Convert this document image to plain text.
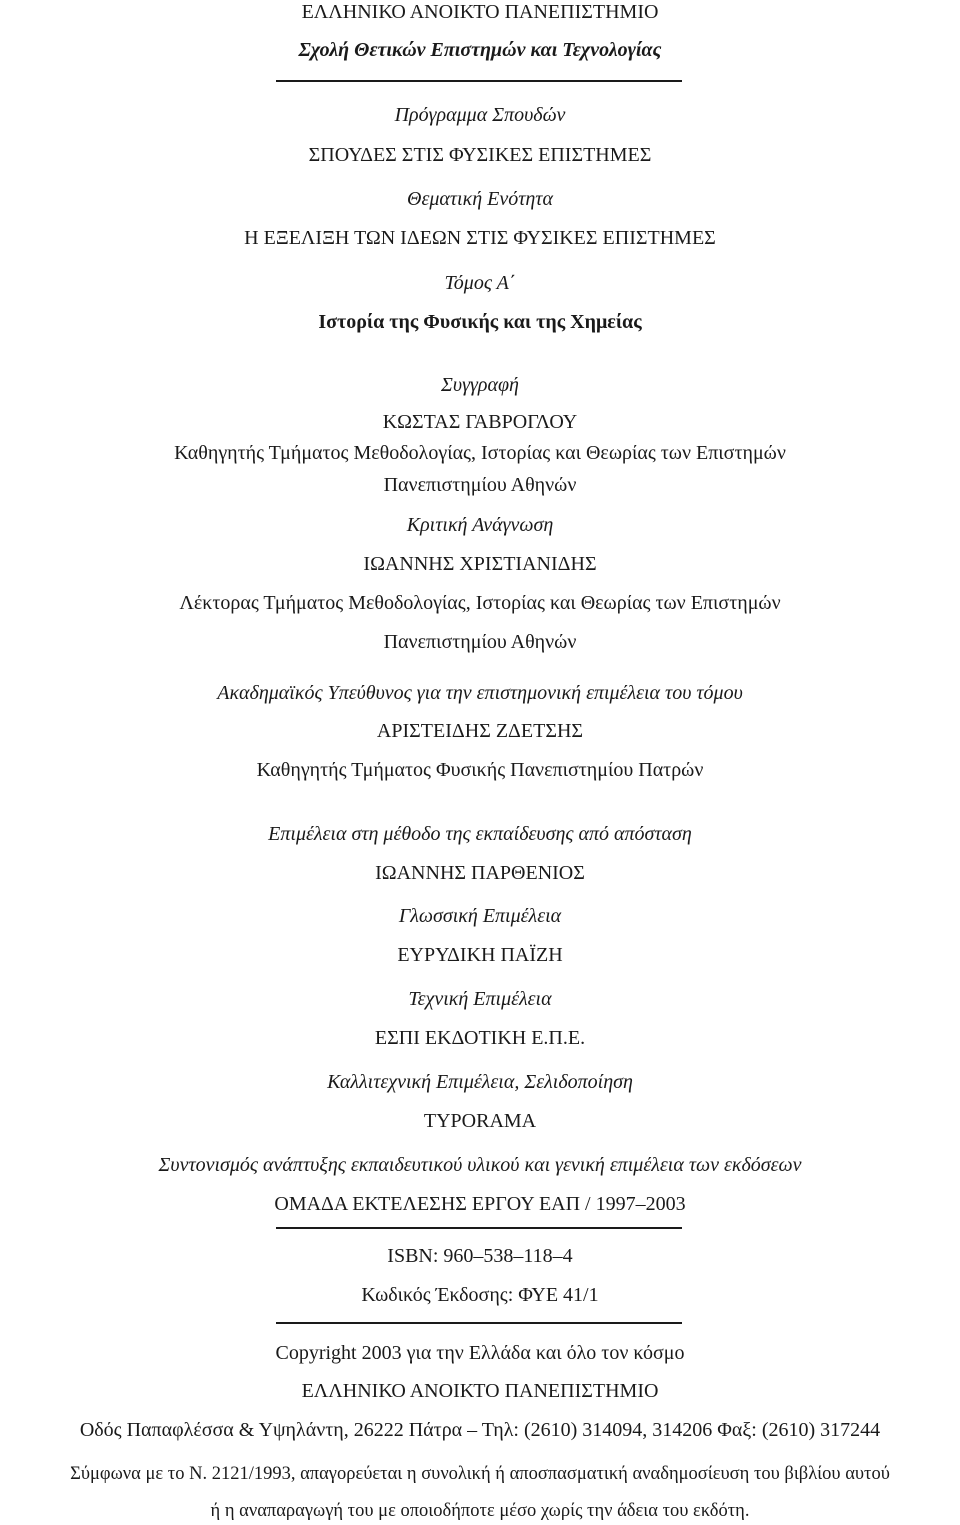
ΕΛΛΗΝΙΚΟ ΑΝΟΙΚΤΟ ΠΑΝΕΠΙΣΤΗΜΙΟ
Σχολή Θετικών Επιστημών και Τεχνολογίας
Πρόγραμμα Σπουδών
ΣΠΟΥΔΕΣ ΣΤΙΣ ΦΥΣΙΚΕΣ ΕΠΙΣΤΗΜΕΣ
Θεματική Ενότητα
Η ΕΞΕΛΙΞΗ ΤΩΝ ΙΔΕΩΝ ΣΤΙΣ ΦΥΣΙΚΕΣ ΕΠΙΣΤΗΜΕΣ
Τόμος Α΄
Ιστορία της Φυσικής και της Χημείας
Συγγραφή
ΚΩΣΤΑΣ ΓΑΒΡΟΓΛΟΥ
Καθηγητής Τμήματος Μεθοδολογίας, Ιστορίας και Θεωρίας των Επιστημών
Πανεπιστημίου Αθηνών
Κριτική Ανάγνωση
ΙΩΑΝΝΗΣ ΧΡΙΣΤΙΑΝΙΔΗΣ
Λέκτορας Τμήματος Μεθοδολογίας, Ιστορίας και Θεωρίας των Επιστημών
Πανεπιστημίου Αθηνών
Ακαδημαϊκός Υπεύθυνος για την επιστημονική επιμέλεια του τόμου
ΑΡΙΣΤΕΙΔΗΣ ΖΔΕΤΣΗΣ
Καθηγητής Τμήματος Φυσικής Πανεπιστημίου Πατρών
Επιμέλεια στη μέθοδο της εκπαίδευσης από απόσταση
ΙΩΑΝΝΗΣ ΠΑΡΘΕΝΙΟΣ
Γλωσσική Επιμέλεια
ΕΥΡΥΔΙΚΗ ΠΑΪΖΗ
Τεχνική Επιμέλεια
ΕΣΠΙ ΕΚΔΟΤΙΚΗ Ε.Π.Ε.
Καλλιτεχνική Επιμέλεια, Σελιδοποίηση
TYPORAMA
Συντονισμός ανάπτυξης εκπαιδευτικού υλικού και γενική επιμέλεια των εκδόσεων
ΟΜΑΔΑ ΕΚΤΕΛΕΣΗΣ ΕΡΓΟΥ ΕΑΠ / 1997–2003
ISBN: 960–538–118–4
Κωδικός Έκδοσης: ΦΥΕ 41/1
Copyright 2003 για την Ελλάδα και όλο τον κόσμο
ΕΛΛΗΝΙΚΟ ΑΝΟΙΚΤΟ ΠΑΝΕΠΙΣΤΗΜΙΟ
Οδός Παπαφλέσσα & Υψηλάντη, 26222 Πάτρα – Τηλ: (2610) 314094, 314206 Φαξ: (2610) 317244
Σύμφωνα με το Ν. 2121/1993, απαγορεύεται η συνολική ή αποσπασματική αναδημοσίευση του βιβλίου αυτού
ή η αναπαραγωγή του με οποιοδήποτε μέσο χωρίς την άδεια του εκδότη.
